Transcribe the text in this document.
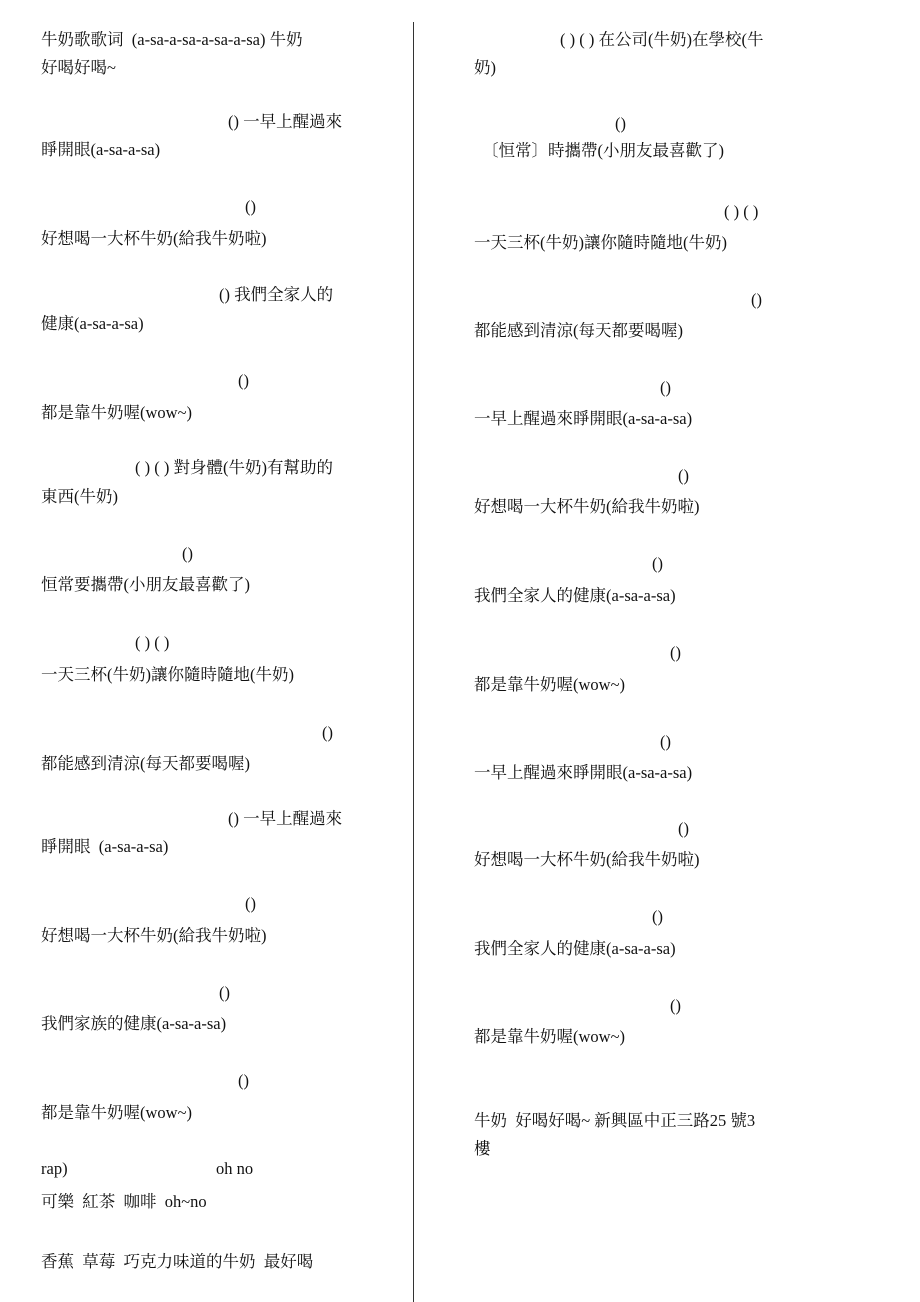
牛奶歌歌词  (a-sa-a-sa-a-sa-a-sa) 牛奶
好喝好喝~
() 一早上醒過來
睜開眼(a-sa-a-sa)
()
好想喝一大杯牛奶(給我牛奶啦)
() 我們全家人的
健康(a-sa-a-sa)
()
都是靠牛奶喔(wow~)
( ) ( ) 對身體(牛奶)有幫助的
東西(牛奶)
()
恒常要攜帶(小朋友最喜歡了)
( ) ( )
一天三杯(牛奶)讓你隨時隨地(牛奶)
()
都能感到清涼(每天都要喝喔)
() 一早上醒過來
睜開眼  (a-sa-a-sa)
()
好想喝一大杯牛奶(給我牛奶啦)
()
我們家族的健康(a-sa-a-sa)
()
都是靠牛奶喔(wow~)
rap)	oh no
可樂  紅茶  咖啡  oh~no
香蕉  草莓  巧克力味道的牛奶  最好喝
( ) ( ) 在公司(牛奶)在學校(牛
奶)
()
〔恒常〕時攜帶(小朋友最喜歡了)
( ) ( )
一天三杯(牛奶)讓你隨時隨地(牛奶)
()
都能感到清涼(每天都要喝喔)
()
一早上醒過來睜開眼(a-sa-a-sa)
()
好想喝一大杯牛奶(給我牛奶啦)
()
我們全家人的健康(a-sa-a-sa)
()
都是靠牛奶喔(wow~)
()
一早上醒過來睜開眼(a-sa-a-sa)
()
好想喝一大杯牛奶(給我牛奶啦)
()
我們全家人的健康(a-sa-a-sa)
()
都是靠牛奶喔(wow~)
牛奶  好喝好喝~ 新興區中正三路25 號3
樓
